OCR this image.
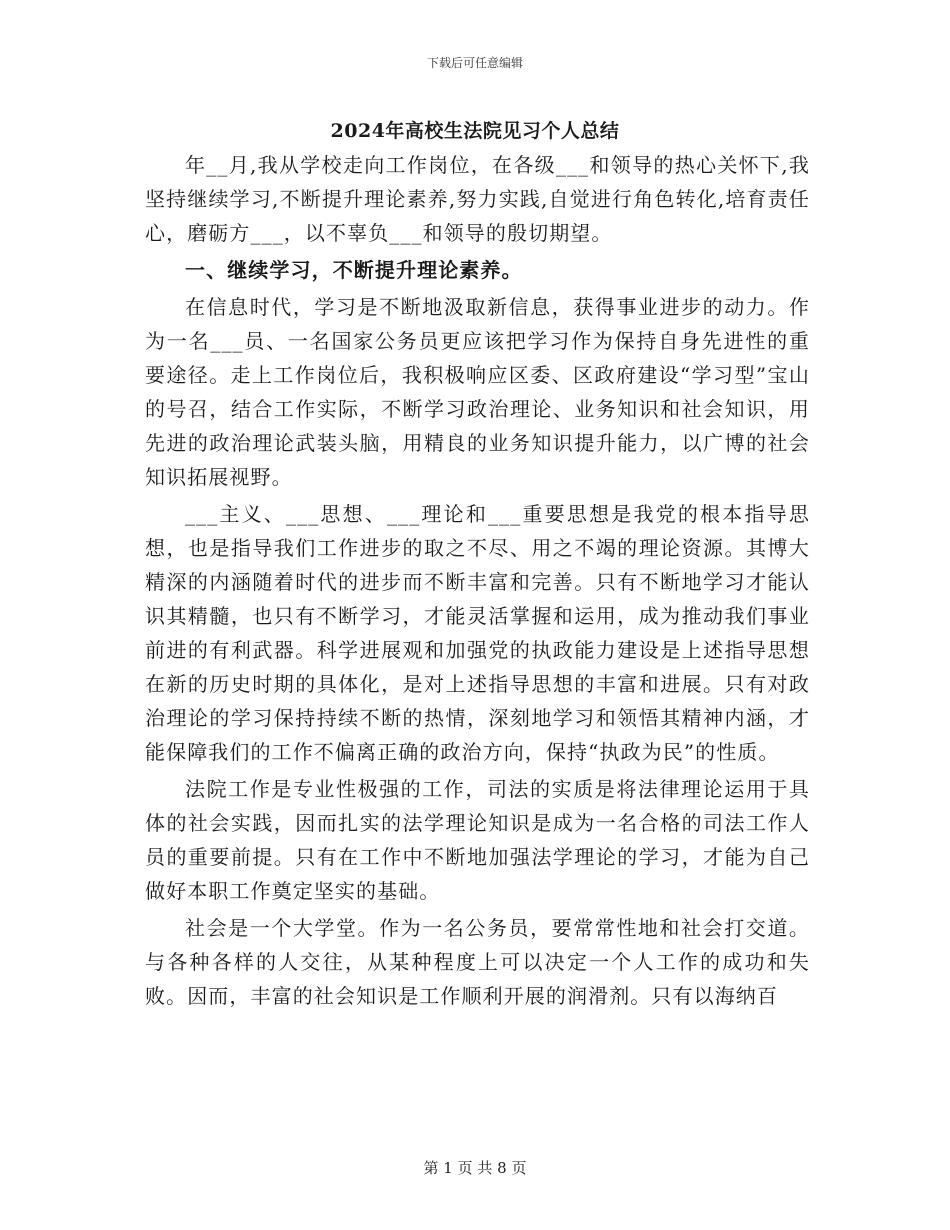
下载后可任意编辑
2024年高校生法院见习个人总结

年__月,我从学校走向工作岗位，在各级___和领导的热心关怀下,我坚持继续学习,不断提升理论素养,努力实践,自觉进行角色转化,培育责任心，磨砺方___，以不辜负___和领导的殷切期望。

一、继续学习，不断提升理论素养。

在信息时代，学习是不断地汲取新信息，获得事业进步的动力。作为一名___员、一名国家公务员更应该把学习作为保持自身先进性的重要途径。走上工作岗位后，我积极响应区委、区政府建设“学习型”宝山的号召，结合工作实际，不断学习政治理论、业务知识和社会知识，用先进的政治理论武装头脑，用精良的业务知识提升能力，以广博的社会知识拓展视野。

___主义、___思想、___理论和___重要思想是我党的根本指导思想，也是指导我们工作进步的取之不尽、用之不竭的理论资源。其博大精深的内涵随着时代的进步而不断丰富和完善。只有不断地学习才能认识其精髓，也只有不断学习，才能灵活掌握和运用，成为推动我们事业前进的有利武器。科学进展观和加强党的执政能力建设是上述指导思想在新的历史时期的具体化，是对上述指导思想的丰富和进展。只有对政治理论的学习保持持续不断的热情，深刻地学习和领悟其精神内涵，才能保障我们的工作不偏离正确的政治方向，保持“执政为民”的性质。

法院工作是专业性极强的工作，司法的实质是将法律理论运用于具体的社会实践，因而扎实的法学理论知识是成为一名合格的司法工作人员的重要前提。只有在工作中不断地加强法学理论的学习，才能为自己做好本职工作奠定坚实的基础。

社会是一个大学堂。作为一名公务员，要常常性地和社会打交道。与各种各样的人交往，从某种程度上可以决定一个人工作的成功和失败。因而，丰富的社会知识是工作顺利开展的润滑剂。只有以海纳百

第 1 页 共 8 页
